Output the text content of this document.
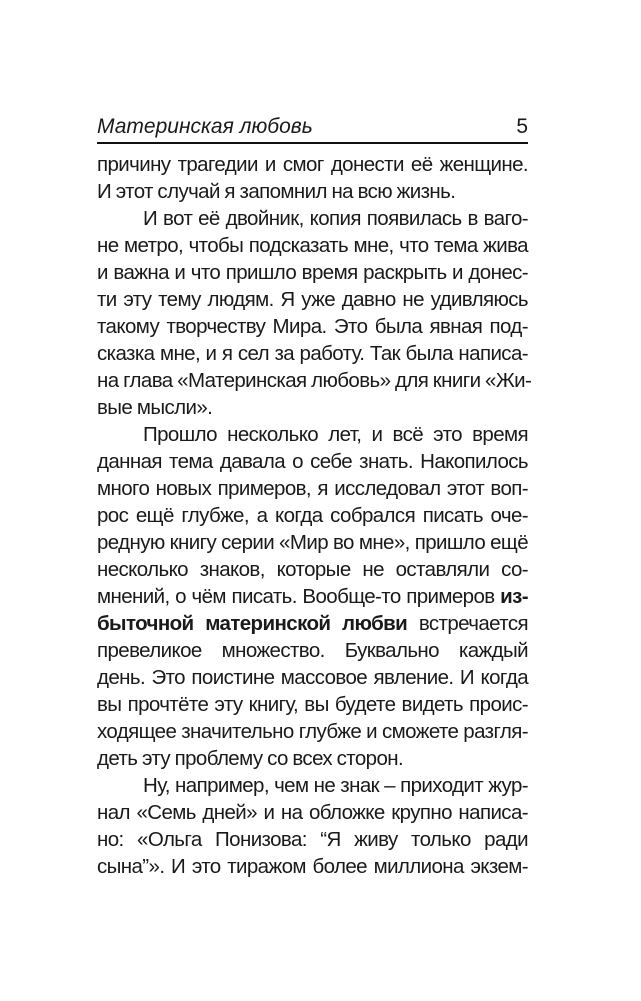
Материнская любовь	5
причину трагедии и смог донести её женщине.
И этот случай я запомнил на всю жизнь.
И вот её двойник, копия появилась в ваго-
не метро, чтобы подсказать мне, что тема жива
и важна и что пришло время раскрыть и донес-
ти эту тему людям. Я уже давно не удивляюсь
такому творчеству Мира. Это была явная под-
сказка мне, и я сел за работу. Так была написа-
на глава «Материнская любовь» для книги «Жи-
вые мысли».
Прошло несколько лет, и всё это время
данная тема давала о себе знать. Накопилось
много новых примеров, я исследовал этот воп-
рос ещё глубже, а когда собрался писать оче-
редную книгу серии «Мир во мне», пришло ещё
несколько знаков, которые не оставляли со-
мнений, о чём писать. Вообще-то примеров из-
быточной материнской любви встречается
превеликое множество. Буквально каждый
день. Это поистине массовое явление. И когда
вы прочтёте эту книгу, вы будете видеть проис-
ходящее значительно глубже и сможете разгля-
деть эту проблему со всех сторон.
Ну, например, чем не знак – приходит жур-
нал «Семь дней» и на обложке крупно написа-
но: «Ольга Понизова: “Я живу только ради
сына”». И это тиражом более миллиона экзем-
